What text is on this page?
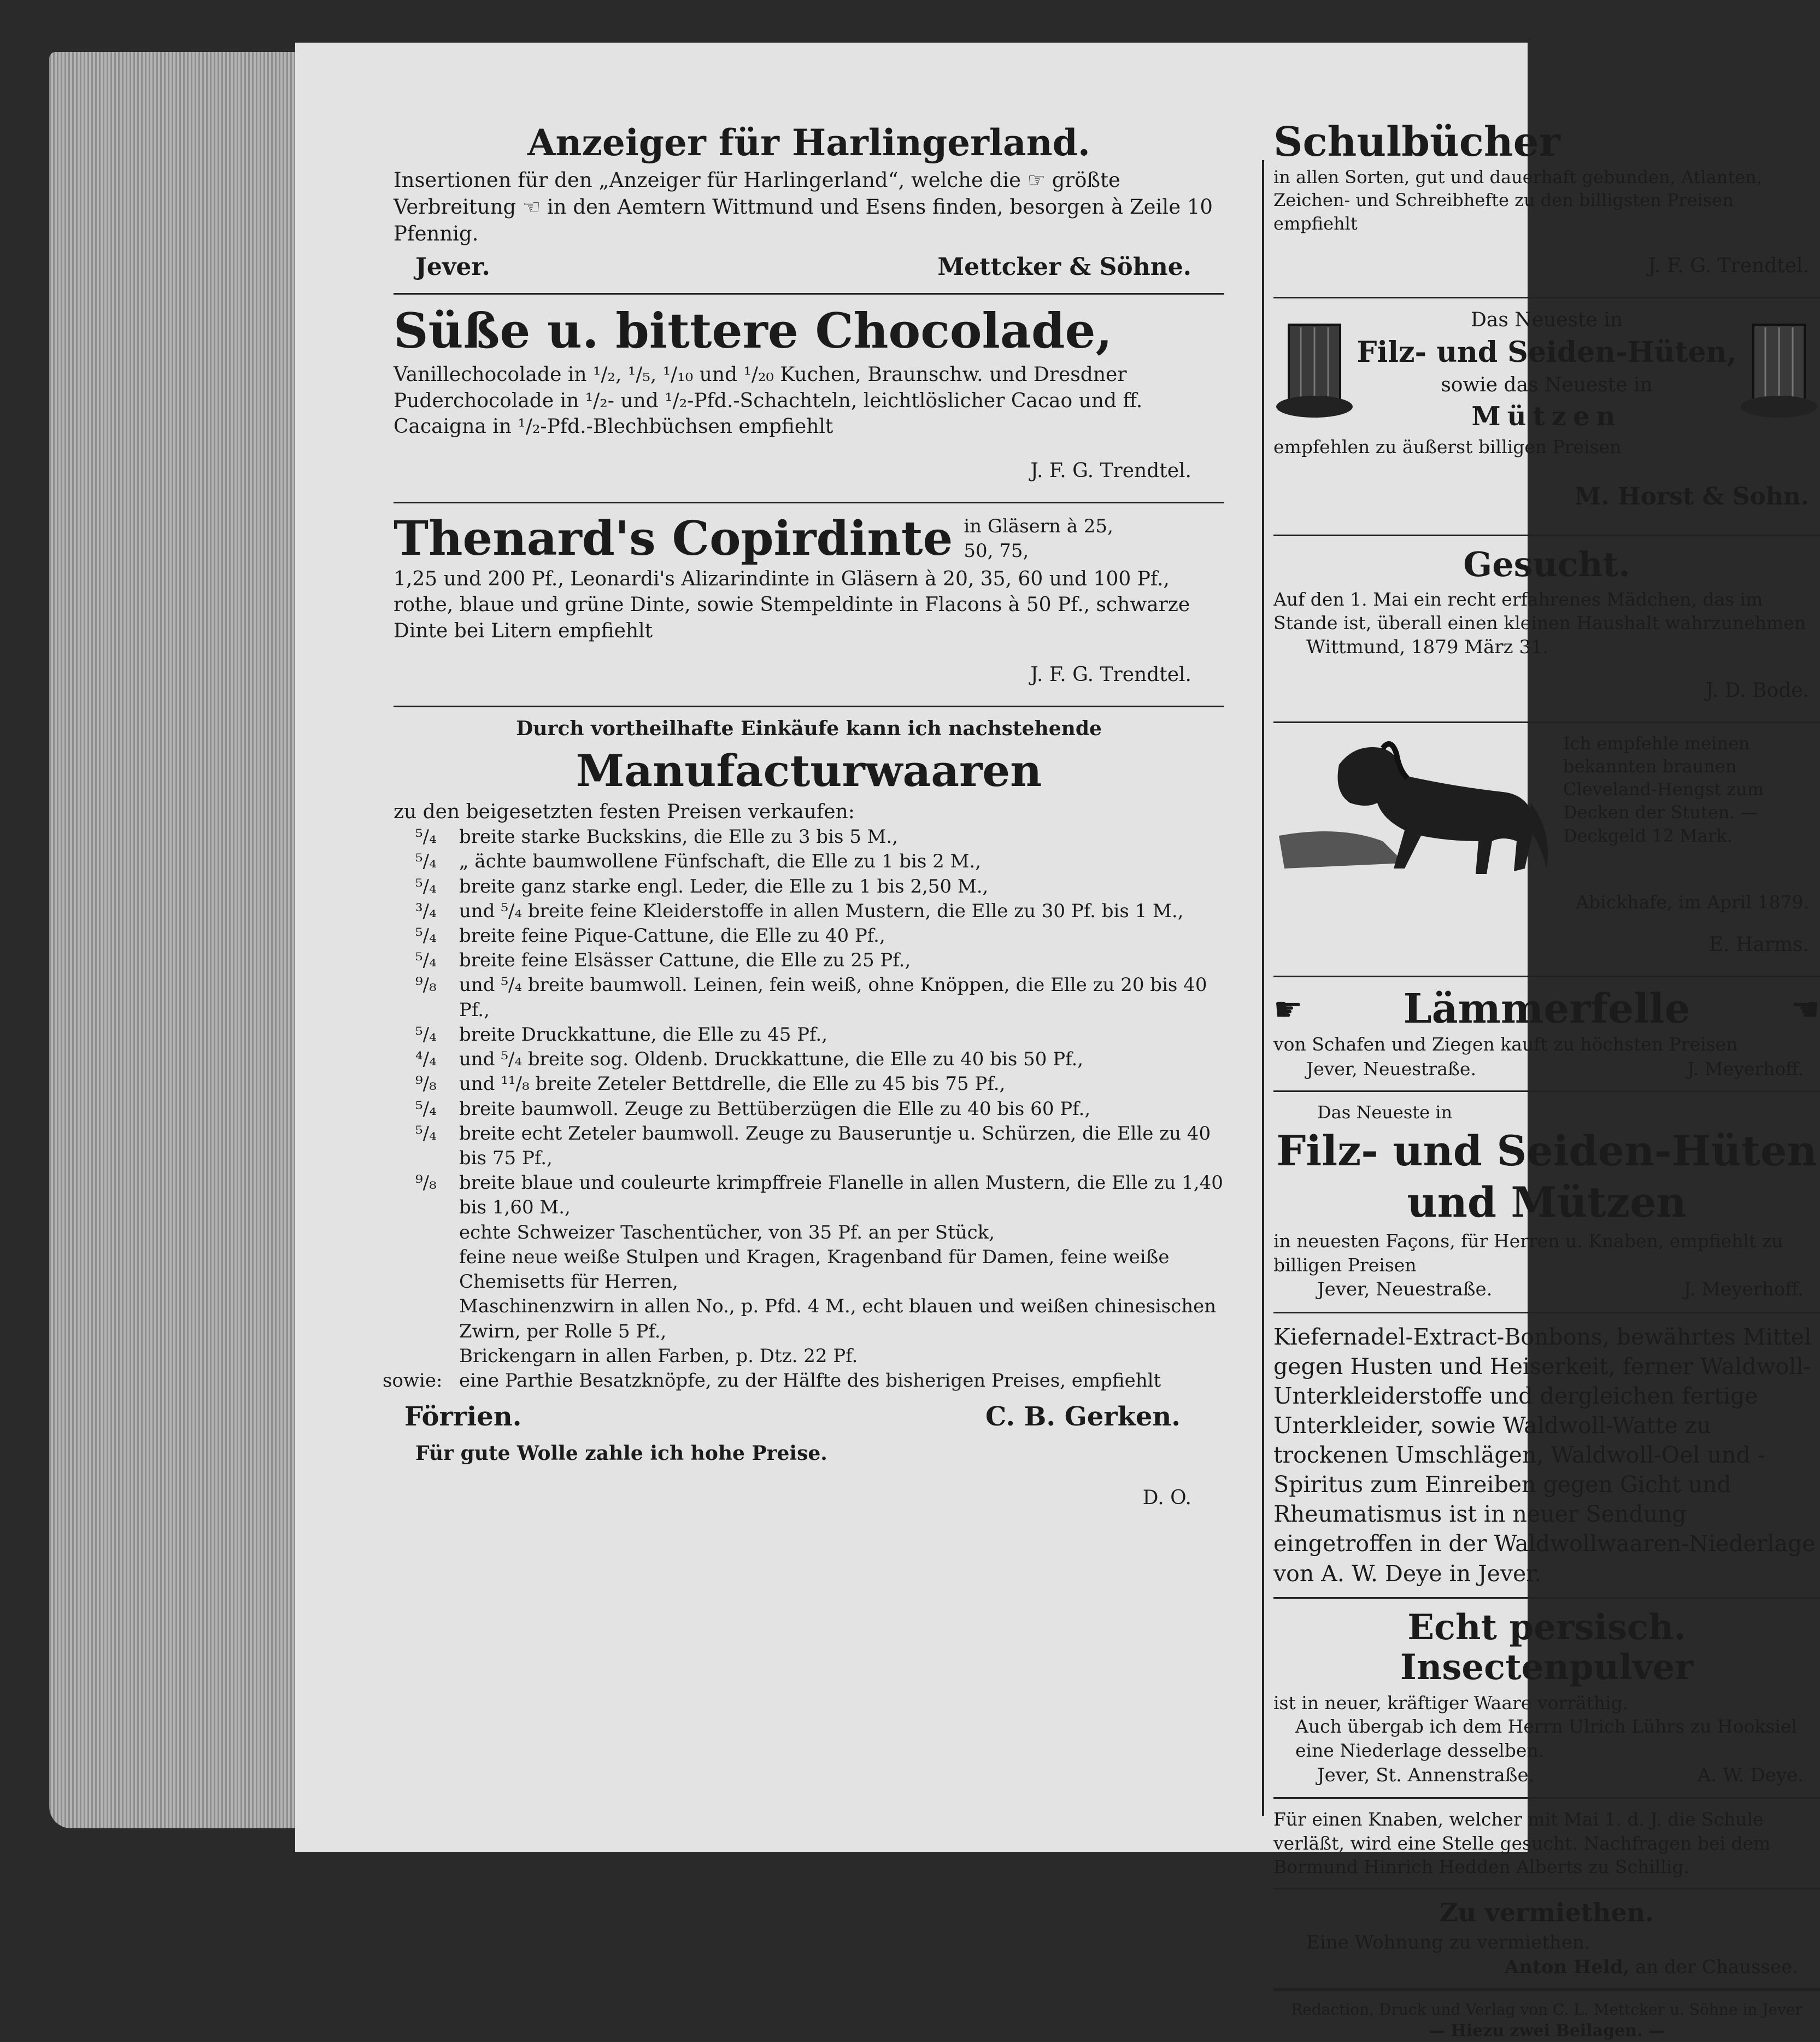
Anzeiger für Harlingerland.

Insertionen für den „Anzeiger für Harlingerland“, welche die ☞ größte Verbreitung ☜ in den Aemtern Wittmund und Esens finden, besorgen à Zeile 10 Pfennig.

Jever.	Mettcker & Söhne.

Süße u. bittere Chocolade,

Vanillechocolade in ¹/₂, ¹/₅, ¹/₁₀ und ¹/₂₀ Kuchen, Braunschw. und Dresdner Puderchocolade in ¹/₂- und ¹/₂-Pfd.-Schachteln, leichtlöslicher Cacao und ff. Cacaigna in ¹/₂-Pfd.-Blechbüchsen empfiehlt

J. F. G. Trendtel.

Thenard's Copirdinte in Gläsern à 25, 50, 75,

1,25 und 200 Pf., Leonardi's Alizarindinte in Gläsern à 20, 35, 60 und 100 Pf., rothe, blaue und grüne Dinte, sowie Stempeldinte in Flacons à 50 Pf., schwarze Dinte bei Litern empfiehlt

J. F. G. Trendtel.

Durch vortheilhafte Einkäufe kann ich nachstehende

Manufacturwaaren

zu den beigesetzten festen Preisen verkaufen:

⁵/₄	breite starke Buckskins, die Elle zu 3 bis 5 M.,
⁵/₄	„ ächte baumwollene Fünfschaft, die Elle zu 1 bis 2 M.,
⁵/₄	breite ganz starke engl. Leder, die Elle zu 1 bis 2,50 M.,
³/₄	und ⁵/₄ breite feine Kleiderstoffe in allen Mustern, die Elle zu 30 Pf. bis 1 M.,
⁵/₄	breite feine Pique-Cattune, die Elle zu 40 Pf.,
⁵/₄	breite feine Elsässer Cattune, die Elle zu 25 Pf.,
⁹/₈	und ⁵/₄ breite baumwoll. Leinen, fein weiß, ohne Knöppen, die Elle zu 20 bis 40 Pf.,
⁵/₄	breite Druckkattune, die Elle zu 45 Pf.,
⁴/₄	und ⁵/₄ breite sog. Oldenb. Druckkattune, die Elle zu 40 bis 50 Pf.,
⁹/₈	und ¹¹/₈ breite Zeteler Bettdrelle, die Elle zu 45 bis 75 Pf.,
⁵/₄	breite baumwoll. Zeuge zu Bettüberzügen die Elle zu 40 bis 60 Pf.,
⁵/₄	breite echt Zeteler baumwoll. Zeuge zu Bauseruntje u. Schürzen, die Elle zu 40 bis 75 Pf.,
⁹/₈	breite blaue und couleurte krimpffreie Flanelle in allen Mustern, die Elle zu 1,40 bis 1,60 M.,
echte Schweizer Taschentücher, von 35 Pf. an per Stück,
feine neue weiße Stulpen und Kragen, Kragenband für Damen, feine weiße Chemisetts für Herren,
Maschinenzwirn in allen No., p. Pfd. 4 M., echt blauen und weißen chinesischen Zwirn, per Rolle 5 Pf.,
Brickengarn in allen Farben, p. Dtz. 22 Pf.
sowie: eine Parthie Besatzknöpfe, zu der Hälfte des bisherigen Preises, empfiehlt
Förrien.	C. B. Gerken.

Für gute Wolle zahle ich hohe Preise.

D. O.

Schulbücher

in allen Sorten, gut und dauerhaft gebunden, Atlanten, Zeichen- und Schreibhefte zu den billigsten Preisen empfiehlt

J. F. G. Trendtel.

Das Neueste in

Filz- und Seiden-Hüten,

sowie das Neueste in

Mützen

empfehlen zu äußerst billigen Preisen

M. Horst & Sohn.

Gesucht.

Auf den 1. Mai ein recht erfahrenes Mädchen, das im Stande ist, überall einen kleinen Haushalt wahrzunehmen

Wittmund, 1879 März 31.

J. D. Bode.

Ich empfehle meinen bekannten braunen Cleveland-Hengst zum Decken der Stuten. — Deckgeld 12 Mark.

Abickhafe, im April 1879.

E. Harms.

☛ Lämmerfelle	☚

von Schafen und Ziegen kauft zu höchsten Preisen

Jever, Neuestraße.	J. Meyerhoff.

Das Neueste in

Filz- und Seiden-Hüten

und Mützen

in neuesten Façons, für Herren u. Knaben, empfiehlt zu billigen Preisen

Jever, Neuestraße.	J. Meyerhoff.

Kiefernadel-Extract-Bonbons, bewährtes Mittel gegen Husten und Heiserkeit, ferner Waldwoll-Unterkleiderstoffe und dergleichen fertige Unterkleider, sowie Waldwoll-Watte zu trockenen Umschlägen, Waldwoll-Oel und -Spiritus zum Einreiben gegen Gicht und Rheumatismus ist in neuer Sendung eingetroffen in der Waldwollwaaren-Niederlage von A. W. Deye in Jever.

Echt persisch. Insectenpulver

ist in neuer, kräftiger Waare vorräthig.

Auch übergab ich dem Herrn Ulrich Lührs zu Hooksiel eine Niederlage desselben.

Jever, St. Annenstraße.	A. W. Deye.

Für einen Knaben, welcher mit Mai 1. d. J. die Schule verläßt, wird eine Stelle gesucht. Nachfragen bei dem Bormund Hinrich Hedden Alberts zu Schillig.

Zu vermiethen.

Eine Wohnung zu vermiethen.

Anton Held, an der Chaussee.

Redaction, Druck und Verlag von C. L. Mettcker u. Söhne in Jever

— Hiezu zwei Beilagen. —
